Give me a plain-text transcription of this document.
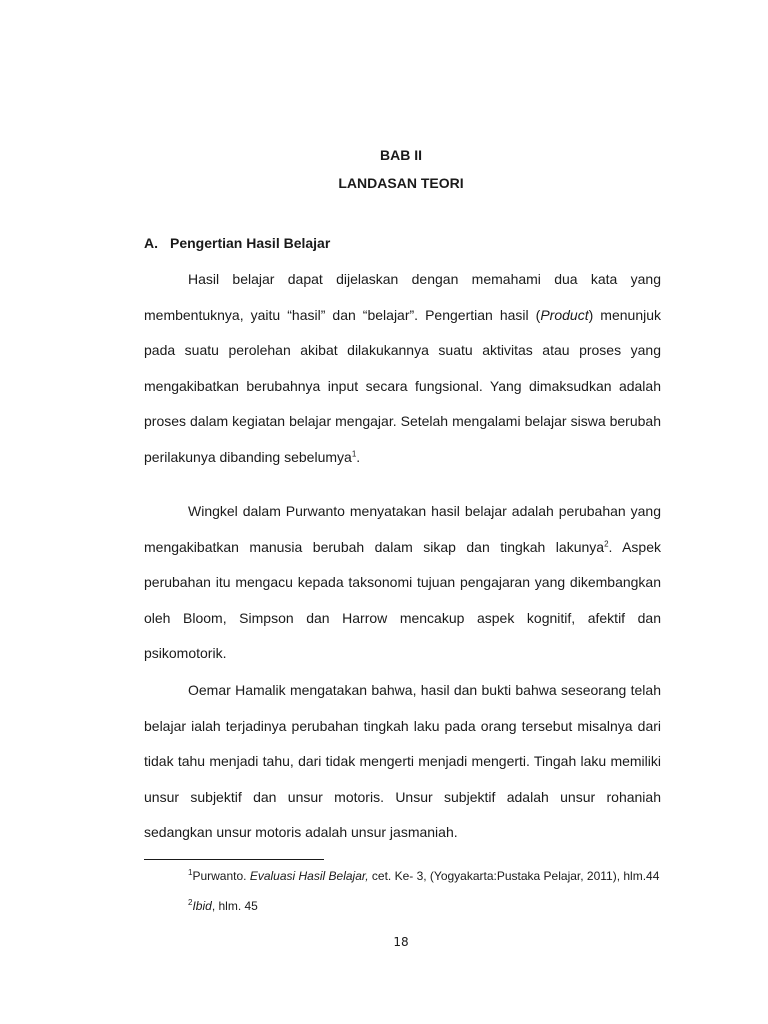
BAB II
LANDASAN TEORI
A. Pengertian Hasil Belajar

Hasil belajar dapat dijelaskan dengan memahami dua kata yang membentuknya, yaitu “hasil” dan “belajar”. Pengertian hasil (Product) menunjuk pada suatu perolehan akibat dilakukannya suatu aktivitas atau proses yang mengakibatkan berubahnya input secara fungsional. Yang dimaksudkan adalah proses dalam kegiatan belajar mengajar. Setelah mengalami belajar siswa berubah perilakunya dibanding sebelumya$^1$.

Wingkel dalam Purwanto menyatakan hasil belajar adalah perubahan yang mengakibatkan manusia berubah dalam sikap dan tingkah lakunya$^2$. Aspek perubahan itu mengacu kepada taksonomi tujuan pengajaran yang dikembangkan oleh Bloom, Simpson dan Harrow mencakup aspek kognitif, afektif dan psikomotorik.

Oemar Hamalik mengatakan bahwa, hasil dan bukti bahwa seseorang telah belajar ialah terjadinya perubahan tingkah laku pada orang tersebut misalnya dari tidak tahu menjadi tahu, dari tidak mengerti menjadi mengerti. Tingah laku memiliki unsur subjektif dan unsur motoris. Unsur subjektif adalah unsur rohaniah sedangkan unsur motoris adalah unsur jasmaniah.

$^1$Purwanto. Evaluasi Hasil Belajar, cet. Ke- 3, (Yogyakarta:Pustaka Pelajar, 2011), hlm.44

$^2$Ibid, hlm. 45

18
